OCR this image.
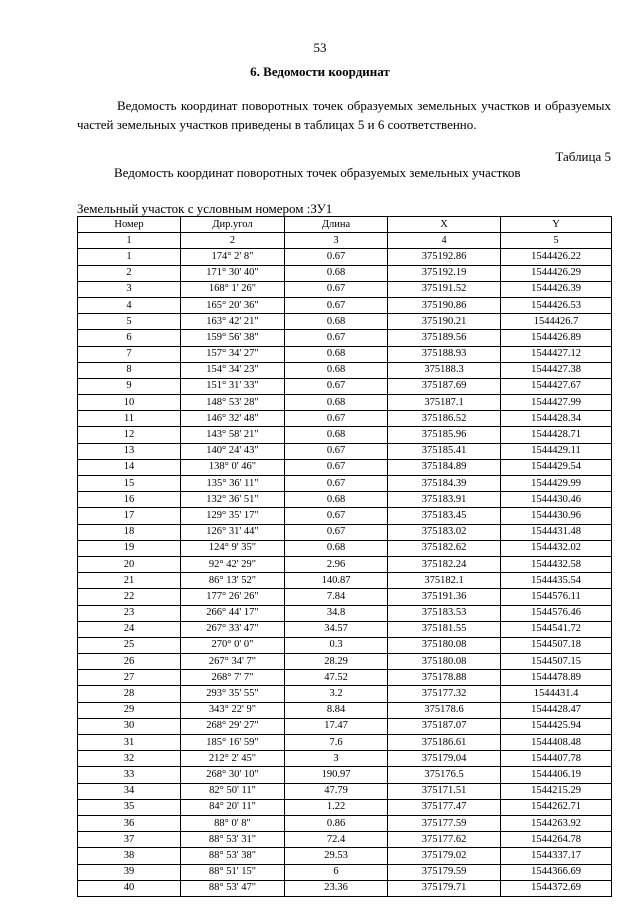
53
6. Ведомости координат

Ведомость координат поворотных точек образуемых земельных участков и образуемых частей земельных участков приведены в таблицах 5 и 6 соответственно.

Таблица 5
Ведомость координат поворотных точек образуемых земельных участков
Земельный участок с условным номером :ЗУ1
Номер	Дир.угол	Длина	X	Y
1	2	3	4	5
1	174° 2' 8"	0.67	375192.86	1544426.22
2	171° 30' 40"	0.68	375192.19	1544426.29
3	168° 1' 26"	0.67	375191.52	1544426.39
4	165° 20' 36"	0.67	375190.86	1544426.53
5	163° 42' 21"	0.68	375190.21	1544426.7
6	159° 56' 38"	0.67	375189.56	1544426.89
7	157° 34' 27"	0.68	375188.93	1544427.12
8	154° 34' 23"	0.68	375188.3	1544427.38
9	151° 31' 33"	0.67	375187.69	1544427.67
10	148° 53' 28"	0.68	375187.1	1544427.99
11	146° 32' 48"	0.67	375186.52	1544428.34
12	143° 58' 21"	0.68	375185.96	1544428.71
13	140° 24' 43"	0.67	375185.41	1544429.11
14	138° 0' 46"	0.67	375184.89	1544429.54
15	135° 36' 11"	0.67	375184.39	1544429.99
16	132° 36' 51"	0.68	375183.91	1544430.46
17	129° 35' 17"	0.67	375183.45	1544430.96
18	126° 31' 44"	0.67	375183.02	1544431.48
19	124° 9' 35"	0.68	375182.62	1544432.02
20	92° 42' 29"	2.96	375182.24	1544432.58
21	86° 13' 52"	140.87	375182.1	1544435.54
22	177° 26' 26"	7.84	375191.36	1544576.11
23	266° 44' 17"	34.8	375183.53	1544576.46
24	267° 33' 47"	34.57	375181.55	1544541.72
25	270° 0' 0"	0.3	375180.08	1544507.18
26	267° 34' 7"	28.29	375180.08	1544507.15
27	268° 7' 7"	47.52	375178.88	1544478.89
28	293° 35' 55"	3.2	375177.32	1544431.4
29	343° 22' 9"	8.84	375178.6	1544428.47
30	268° 29' 27"	17.47	375187.07	1544425.94
31	185° 16' 59"	7.6	375186.61	1544408.48
32	212° 2' 45"	3	375179.04	1544407.78
33	268° 30' 10"	190.97	375176.5	1544406.19
34	82° 50' 11"	47.79	375171.51	1544215.29
35	84° 20' 11"	1.22	375177.47	1544262.71
36	88° 0' 8"	0.86	375177.59	1544263.92
37	88° 53' 31"	72.4	375177.62	1544264.78
38	88° 53' 38"	29.53	375179.02	1544337.17
39	88° 51' 15"	6	375179.59	1544366.69
40	88° 53' 47"	23.36	375179.71	1544372.69
